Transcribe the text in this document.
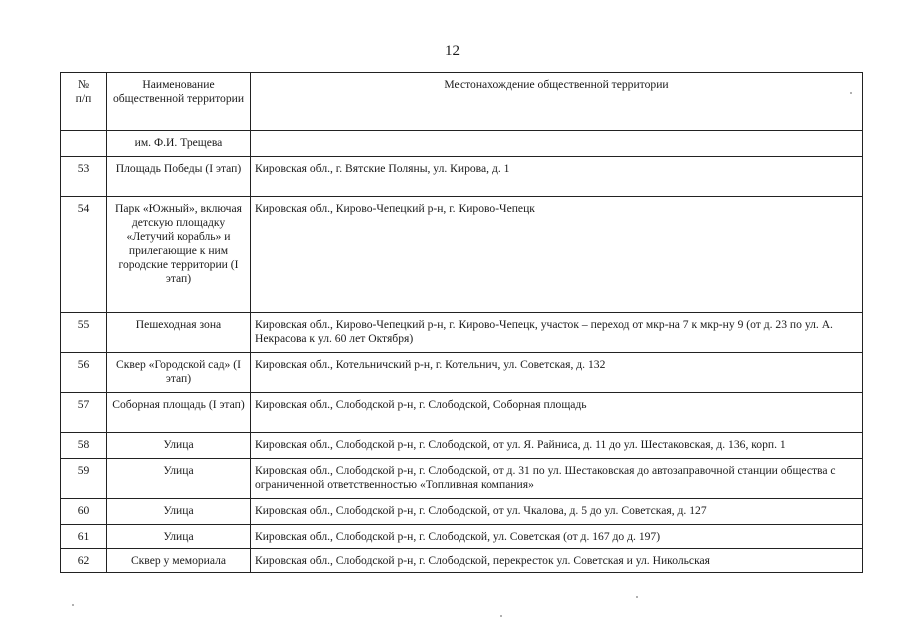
12
№
п/п	Наименование общественной территории	Местонахождение общественной территории
	им. Ф.И. Трещева	
53	Площадь Победы (I этап)	Кировская обл., г. Вятские Поляны, ул. Кирова, д. 1
54	Парк «Южный», включая детскую площадку «Летучий корабль» и прилегающие к ним городские территории (I этап)	Кировская обл., Кирово-Чепецкий р-н, г. Кирово-Чепецк
55	Пешеходная зона	Кировская обл., Кирово-Чепецкий р-н, г. Кирово-Чепецк, участок – переход от мкр-на 7 к мкр-ну 9 (от д. 23 по ул. А. Некрасова к ул. 60 лет Октября)
56	Сквер «Городской сад» (I этап)	Кировская обл., Котельничский р-н, г. Котельнич, ул. Советская, д. 132
57	Соборная площадь (I этап)	Кировская обл., Слободской р-н, г. Слободской, Соборная площадь
58	Улица	Кировская обл., Слободской р-н, г. Слободской, от ул. Я. Райниса, д. 11 до ул. Шестаковская, д. 136, корп. 1
59	Улица	Кировская обл., Слободской р-н, г. Слободской, от д. 31 по ул. Шестаковская до автозаправочной станции общества с ограниченной ответственностью «Топливная компания»
60	Улица	Кировская обл., Слободской р-н, г. Слободской, от ул. Чкалова, д. 5 до ул. Советская, д. 127
61	Улица	Кировская обл., Слободской р-н, г. Слободской, ул. Советская (от д. 167 до д. 197)
62	Сквер у мемориала	Кировская обл., Слободской р-н, г. Слободской, перекресток ул. Советская и ул. Никольская
